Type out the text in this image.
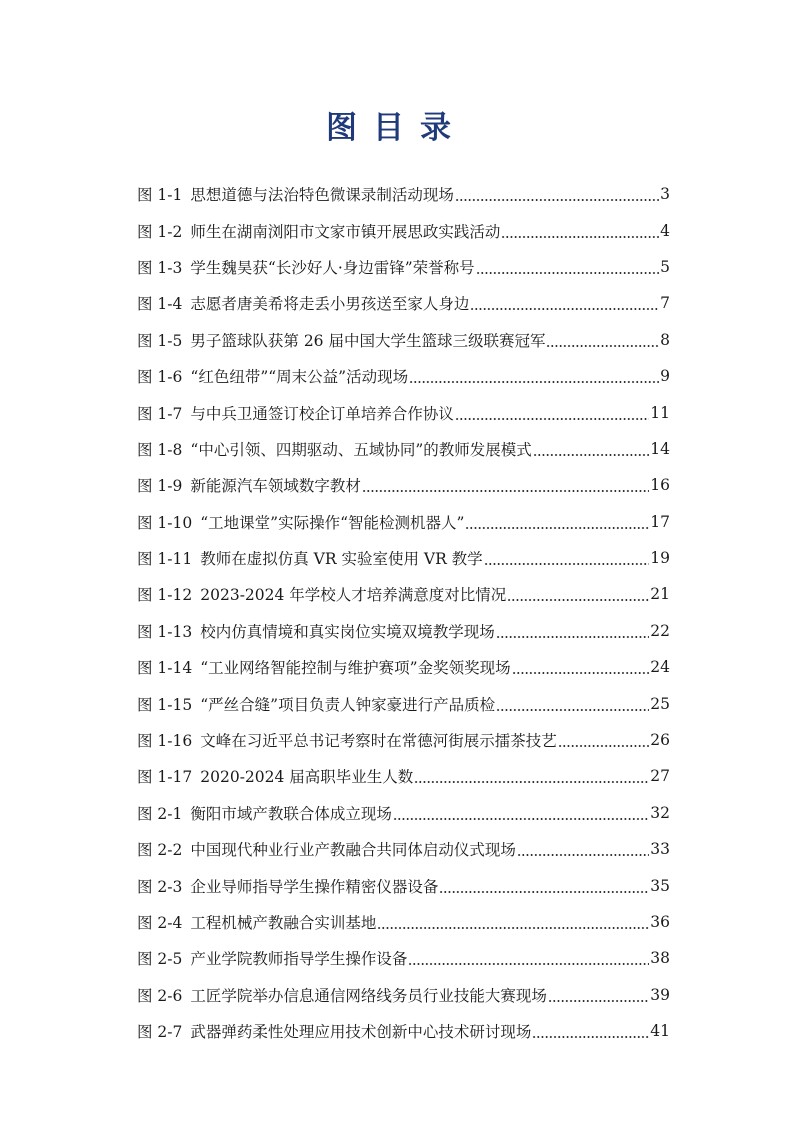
图目录
图 1-1 思想道德与法治特色微课录制活动现场	3
图 1-2 师生在湖南浏阳市文家市镇开展思政实践活动	4
图 1-3 学生魏昊获“长沙好人·身边雷锋”荣誉称号	5
图 1-4 志愿者唐美希将走丢小男孩送至家人身边	7
图 1-5 男子篮球队获第 26 届中国大学生篮球三级联赛冠军	8
图 1-6 “红色纽带”“周末公益”活动现场	9
图 1-7 与中兵卫通签订校企订单培养合作协议	11
图 1-8 “中心引领、四期驱动、五域协同”的教师发展模式	14
图 1-9 新能源汽车领域数字教材	16
图 1-10 “工地课堂”实际操作“智能检测机器人”	17
图 1-11 教师在虚拟仿真 VR 实验室使用 VR 教学	19
图 1-12 2023-2024 年学校人才培养满意度对比情况	21
图 1-13 校内仿真情境和真实岗位实境双境教学现场	22
图 1-14 “工业网络智能控制与维护赛项”金奖领奖现场	24
图 1-15 “严丝合缝”项目负责人钟家豪进行产品质检	25
图 1-16 文峰在习近平总书记考察时在常德河街展示擂茶技艺	26
图 1-17 2020-2024 届高职毕业生人数	27
图 2-1 衡阳市域产教联合体成立现场	32
图 2-2 中国现代种业行业产教融合共同体启动仪式现场	33
图 2-3 企业导师指导学生操作精密仪器设备	35
图 2-4 工程机械产教融合实训基地	36
图 2-5 产业学院教师指导学生操作设备	38
图 2-6 工匠学院举办信息通信网络线务员行业技能大赛现场	39
图 2-7 武器弹药柔性处理应用技术创新中心技术研讨现场	41
